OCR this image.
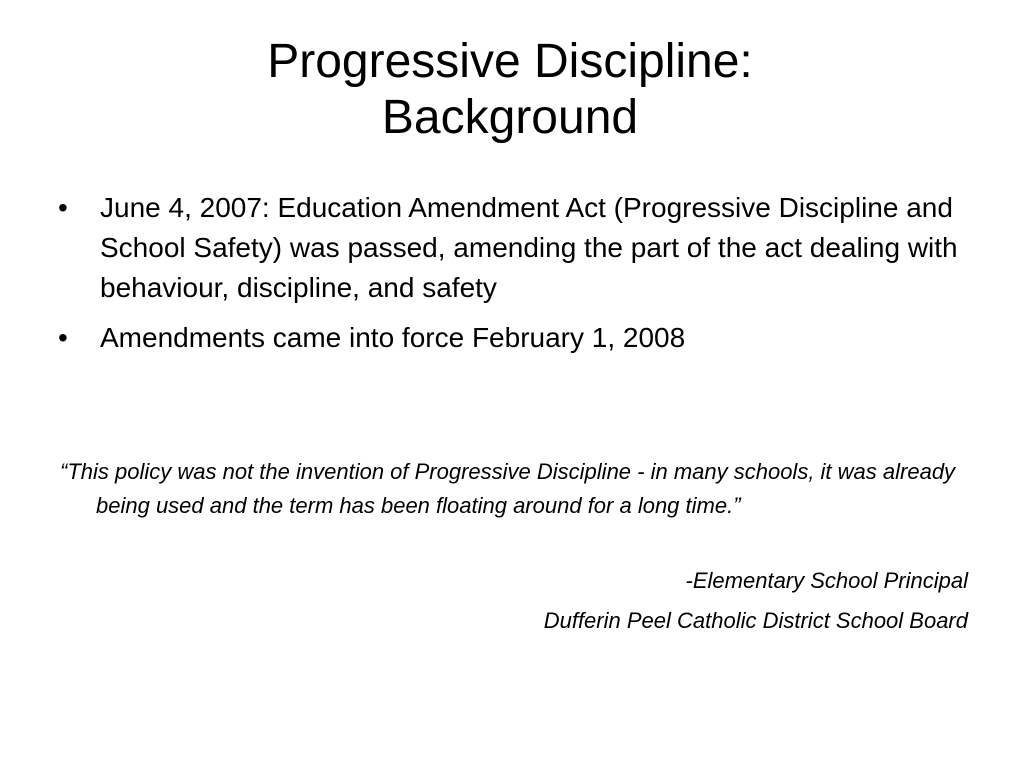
Progressive Discipline:
Background
• June 4, 2007: Education Amendment Act (Progressive Discipline and School Safety) was passed, amending the part of the act dealing with behaviour, discipline, and safety
• Amendments came into force February 1, 2008
“This policy was not the invention of Progressive Discipline - in many schools, it was already being used and the term has been floating around for a long time.”
-Elementary School Principal
Dufferin Peel Catholic District School Board
